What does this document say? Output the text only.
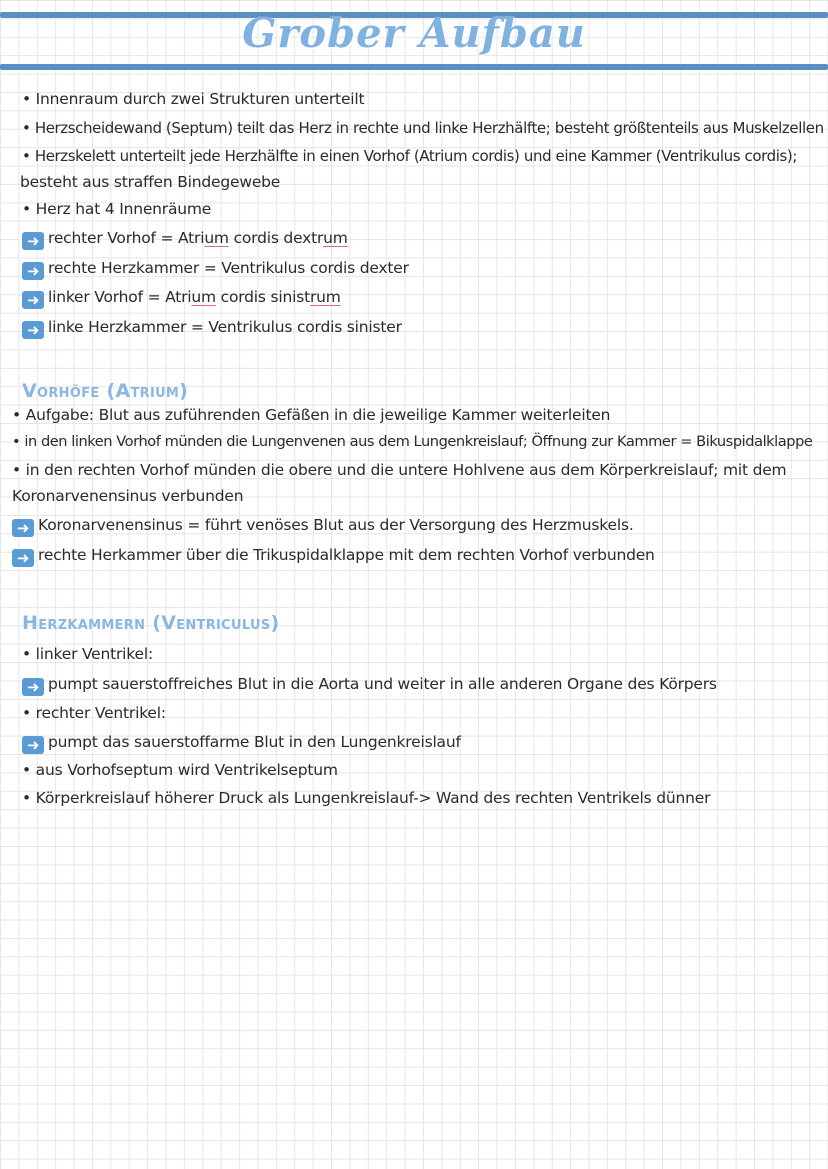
Grober Aufbau
• Innenraum durch zwei Strukturen unterteilt
• Herzscheidewand (Septum) teilt das Herz in rechte und linke Herzhälfte; besteht größtenteils aus Muskelzellen
• Herzskelett unterteilt jede Herzhälfte in einen Vorhof (Atrium cordis) und eine Kammer (Ventrikulus cordis);
besteht aus straffen Bindegewebe
• Herz hat 4 Innenräume
➜ rechter Vorhof = Atrium cordis dextrum
➜ rechte Herzkammer = Ventrikulus cordis dexter
➜ linker Vorhof = Atrium cordis sinistrum
➜ linke Herzkammer = Ventrikulus cordis sinister
Vorhöfe (Atrium)
• Aufgabe: Blut aus zuführenden Gefäßen in die jeweilige Kammer weiterleiten
• in den linken Vorhof münden die Lungenvenen aus dem Lungenkreislauf; Öffnung zur Kammer = Bikuspidalklappe
• in den rechten Vorhof münden die obere und die untere Hohlvene aus dem Körperkreislauf; mit dem
Koronarvenensinus verbunden
➜ Koronarvenensinus = führt venöses Blut aus der Versorgung des Herzmuskels.
➜ rechte Herkammer über die Trikuspidalklappe mit dem rechten Vorhof verbunden
Herzkammern (Ventriculus)
• linker Ventrikel:
➜ pumpt sauerstoffreiches Blut in die Aorta und weiter in alle anderen Organe des Körpers
• rechter Ventrikel:
➜ pumpt das sauerstoffarme Blut in den Lungenkreislauf
• aus Vorhofseptum wird Ventrikelseptum
• Körperkreislauf höherer Druck als Lungenkreislauf-> Wand des rechten Ventrikels dünner
